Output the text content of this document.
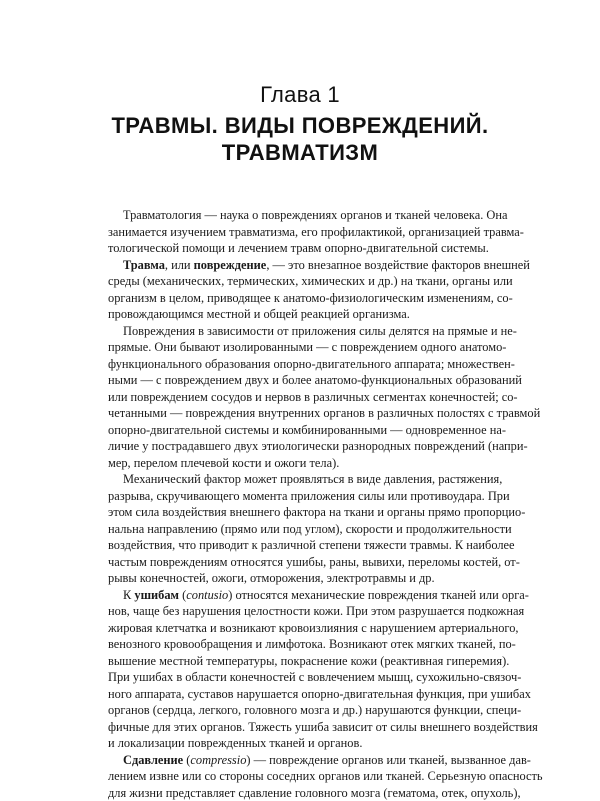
Глава 1
ТРАВМЫ. ВИДЫ ПОВРЕЖДЕНИЙ.
ТРАВМАТИЗМ
Травматология — наука о повреждениях органов и тканей человека. Она
занимается изучением травматизма, его профилактикой, организацией травма-
тологической помощи и лечением травм опорно-двигательной системы.
Травма, или повреждение, — это внезапное воздействие факторов внешней
среды (механических, термических, химических и др.) на ткани, органы или
организм в целом, приводящее к анатомо-физиологическим изменениям, со-
провождающимся местной и общей реакцией организма.
Повреждения в зависимости от приложения силы делятся на прямые и не-
прямые. Они бывают изолированными — с повреждением одного анатомо-
функционального образования опорно-двигательного аппарата; множествен-
ными — с повреждением двух и более анатомо-функциональных образований
или повреждением сосудов и нервов в различных сегментах конечностей; со-
четанными — повреждения внутренних органов в различных полостях с травмой
опорно-двигательной системы и комбинированными — одновременное на-
личие у пострадавшего двух этиологически разнородных повреждений (напри-
мер, перелом плечевой кости и ожоги тела).
Механический фактор может проявляться в виде давления, растяжения,
разрыва, скручивающего момента приложения силы или противоудара. При
этом сила воздействия внешнего фактора на ткани и органы прямо пропорцио-
нальна направлению (прямо или под углом), скорости и продолжительности
воздействия, что приводит к различной степени тяжести травмы. К наиболее
частым повреждениям относятся ушибы, раны, вывихи, переломы костей, от-
рывы конечностей, ожоги, отморожения, электротравмы и др.
К ушибам (contusio) относятся механические повреждения тканей или орга-
нов, чаще без нарушения целостности кожи. При этом разрушается подкожная
жировая клетчатка и возникают кровоизлияния с нарушением артериального,
венозного кровообращения и лимфотока. Возникают отек мягких тканей, по-
вышение местной температуры, покраснение кожи (реактивная гиперемия).
При ушибах в области конечностей с вовлечением мышц, сухожильно-связоч-
ного аппарата, суставов нарушается опорно-двигательная функция, при ушибах
органов (сердца, легкого, головного мозга и др.) нарушаются функции, специ-
фичные для этих органов. Тяжесть ушиба зависит от силы внешнего воздействия
и локализации поврежденных тканей и органов.
Сдавление (compressio) — повреждение органов или тканей, вызванное дав-
лением извне или со стороны соседних органов или тканей. Серьезную опасность
для жизни представляет сдавление головного мозга (гематома, отек, опухоль),
